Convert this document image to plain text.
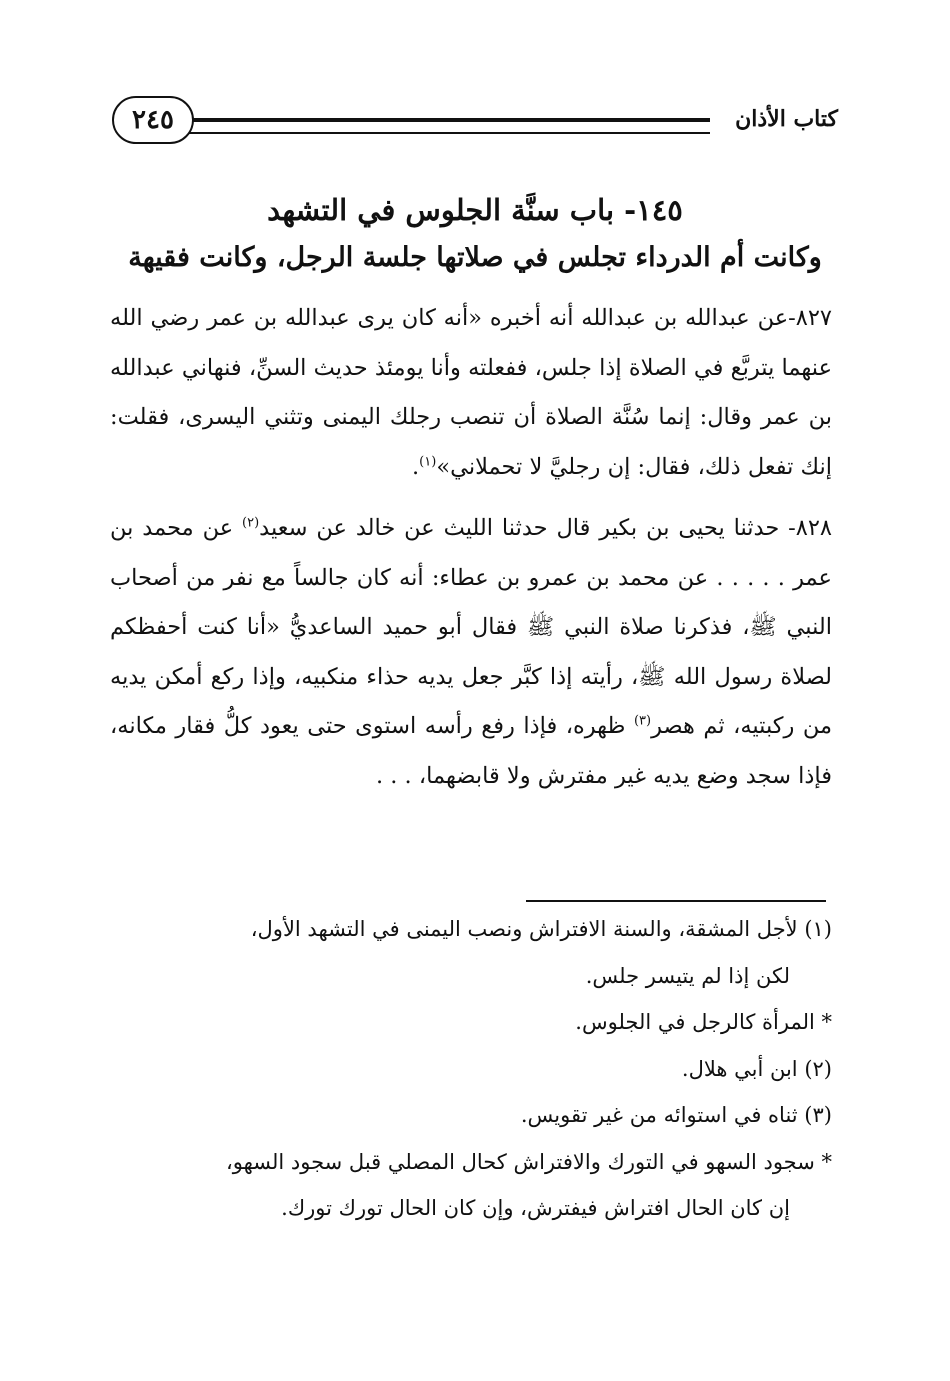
كتاب الأذان
٢٤٥
١٤٥- باب سنَّة الجلوس في التشهد
وكانت أم الدرداء تجلس في صلاتها جلسة الرجل، وكانت فقيهة

٨٢٧-عن عبدالله بن عبدالله أنه أخبره «أنه كان يرى عبدالله بن عمر رضي الله عنهما يتربَّع في الصلاة إذا جلس، ففعلته وأنا يومئذ حديث السنِّ، فنهاني عبدالله بن عمر وقال: إنما سُنَّة الصلاة أن تنصب رجلك اليمنى وتثني اليسرى، فقلت: إنك تفعل ذلك، فقال: إن رجليَّ لا تحملاني»$^{(١)}$.

٨٢٨- حدثنا يحيى بن بكير قال حدثنا الليث عن خالد عن سعيد$^{(٢)}$ عن محمد بن عمر . . . . . عن محمد بن عمرو بن عطاء: أنه كان جالساً مع نفر من أصحاب النبي ﷺ، فذكرنا صلاة النبي ﷺ فقال أبو حميد الساعديُّ «أنا كنت أحفظكم لصلاة رسول الله ﷺ، رأيته إذا كبَّر جعل يديه حذاء منكبيه، وإذا ركع أمكن يديه من ركبتيه، ثم هصر$^{(٣)}$ ظهره، فإذا رفع رأسه استوى حتى يعود كلُّ فقار مكانه، فإذا سجد وضع يديه غير مفترش ولا قابضهما، . . .

(١) لأجل المشقة، والسنة الافتراش ونصب اليمنى في التشهد الأول،

لكن إذا لم يتيسر جلس.

* المرأة كالرجل في الجلوس.

(٢) ابن أبي هلال.

(٣) ثناه في استوائه من غير تقويس.

* سجود السهو في التورك والافتراش كحال المصلي قبل سجود السهو،

إن كان الحال افتراش فيفترش، وإن كان الحال تورك تورك.
